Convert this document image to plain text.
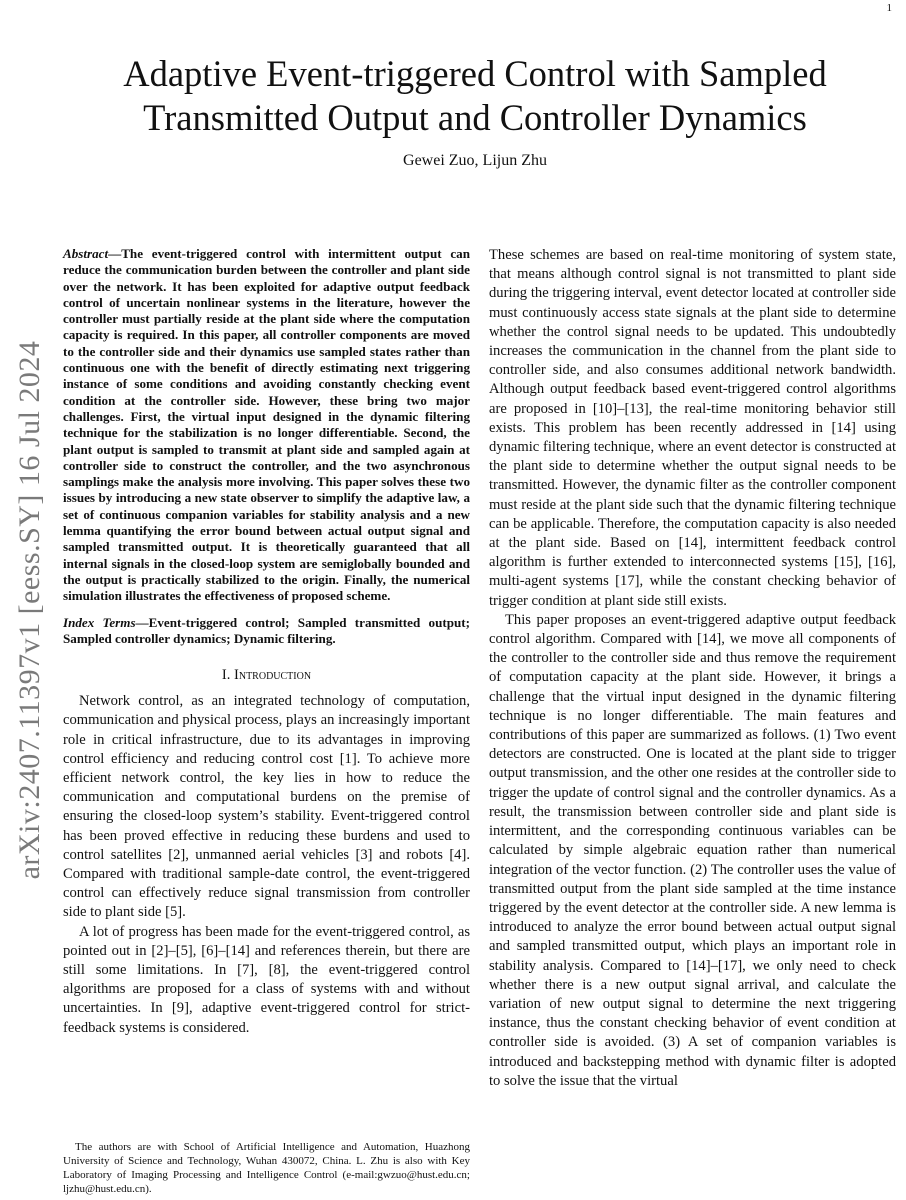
1
arXiv:2407.11397v1 [eess.SY] 16 Jul 2024
Adaptive Event-triggered Control with Sampled
Transmitted Output and Controller Dynamics
Gewei Zuo, Lijun Zhu

Abstract—The event-triggered control with intermittent output can reduce the communication burden between the controller and plant side over the network. It has been exploited for adaptive output feedback control of uncertain nonlinear systems in the literature, however the controller must partially reside at the plant side where the computation capacity is required. In this paper, all controller components are moved to the controller side and their dynamics use sampled states rather than continuous one with the benefit of directly estimating next triggering instance of some conditions and avoiding constantly checking event condition at the controller side. However, these bring two major challenges. First, the virtual input designed in the dynamic filtering technique for the stabilization is no longer differentiable. Second, the plant output is sampled to transmit at plant side and sampled again at controller side to construct the controller, and the two asynchronous samplings make the analysis more involving. This paper solves these two issues by introducing a new state observer to simplify the adaptive law, a set of continuous companion variables for stability analysis and a new lemma quantifying the error bound between actual output signal and sampled transmitted output. It is theoretically guaranteed that all internal signals in the closed-loop system are semiglobally bounded and the output is practically stabilized to the origin. Finally, the numerical simulation illustrates the effectiveness of proposed scheme.

Index Terms—Event-triggered control; Sampled transmitted output; Sampled controller dynamics; Dynamic filtering.

I. Introduction

Network control, as an integrated technology of computation, communication and physical process, plays an increasingly important role in critical infrastructure, due to its advantages in improving control efficiency and reducing control cost [1]. To achieve more efficient network control, the key lies in how to reduce the communication and computational burdens on the premise of ensuring the closed-loop system’s stability. Event-triggered control has been proved effective in reducing these burdens and used to control satellites [2], unmanned aerial vehicles [3] and robots [4]. Compared with traditional sample-date control, the event-triggered control can effectively reduce signal transmission from controller side to plant side [5].

A lot of progress has been made for the event-triggered control, as pointed out in [2]–[5], [6]–[14] and references therein, but there are still some limitations. In [7], [8], the event-triggered control algorithms are proposed for a class of systems with and without uncertainties. In [9], adaptive event-triggered control for strict-feedback systems is considered.

These schemes are based on real-time monitoring of system state, that means although control signal is not transmitted to plant side during the triggering interval, event detector located at controller side must continuously access state signals at the plant side to determine whether the control signal needs to be updated. This undoubtedly increases the communication in the channel from the plant side to controller side, and also consumes additional network bandwidth. Although output feedback based event-triggered control algorithms are proposed in [10]–[13], the real-time monitoring behavior still exists. This problem has been recently addressed in [14] using dynamic filtering technique, where an event detector is constructed at the plant side to determine whether the output signal needs to be transmitted. However, the dynamic filter as the controller component must reside at the plant side such that the dynamic filtering technique can be applicable. Therefore, the computation capacity is also needed at the plant side. Based on [14], intermittent feedback control algorithm is further extended to interconnected systems [15], [16], multi-agent systems [17], while the constant checking behavior of trigger condition at plant side still exists.

This paper proposes an event-triggered adaptive output feedback control algorithm. Compared with [14], we move all components of the controller to the controller side and thus remove the requirement of computation capacity at the plant side. However, it brings a challenge that the virtual input designed in the dynamic filtering technique is no longer differentiable. The main features and contributions of this paper are summarized as follows. (1) Two event detectors are constructed. One is located at the plant side to trigger output transmission, and the other one resides at the controller side to trigger the update of control signal and the controller dynamics. As a result, the transmission between controller side and plant side is intermittent, and the corresponding continuous variables can be calculated by simple algebraic equation rather than numerical integration of the vector function. (2) The controller uses the value of transmitted output from the plant side sampled at the time instance triggered by the event detector at the controller side. A new lemma is introduced to analyze the error bound between actual output signal and sampled transmitted output, which plays an important role in stability analysis. Compared to [14]–[17], we only need to check whether there is a new output signal arrival, and calculate the variation of new output signal to determine the next triggering instance, thus the constant checking behavior of event condition at controller side is avoided. (3) A set of companion variables is introduced and backstepping method with dynamic filter is adopted to solve the issue that the virtual

The authors are with School of Artificial Intelligence and Automation, Huazhong University of Science and Technology, Wuhan 430072, China. L. Zhu is also with Key Laboratory of Imaging Processing and Intelligence Control (e-mail:gwzuo@hust.edu.cn; ljzhu@hust.edu.cn).
